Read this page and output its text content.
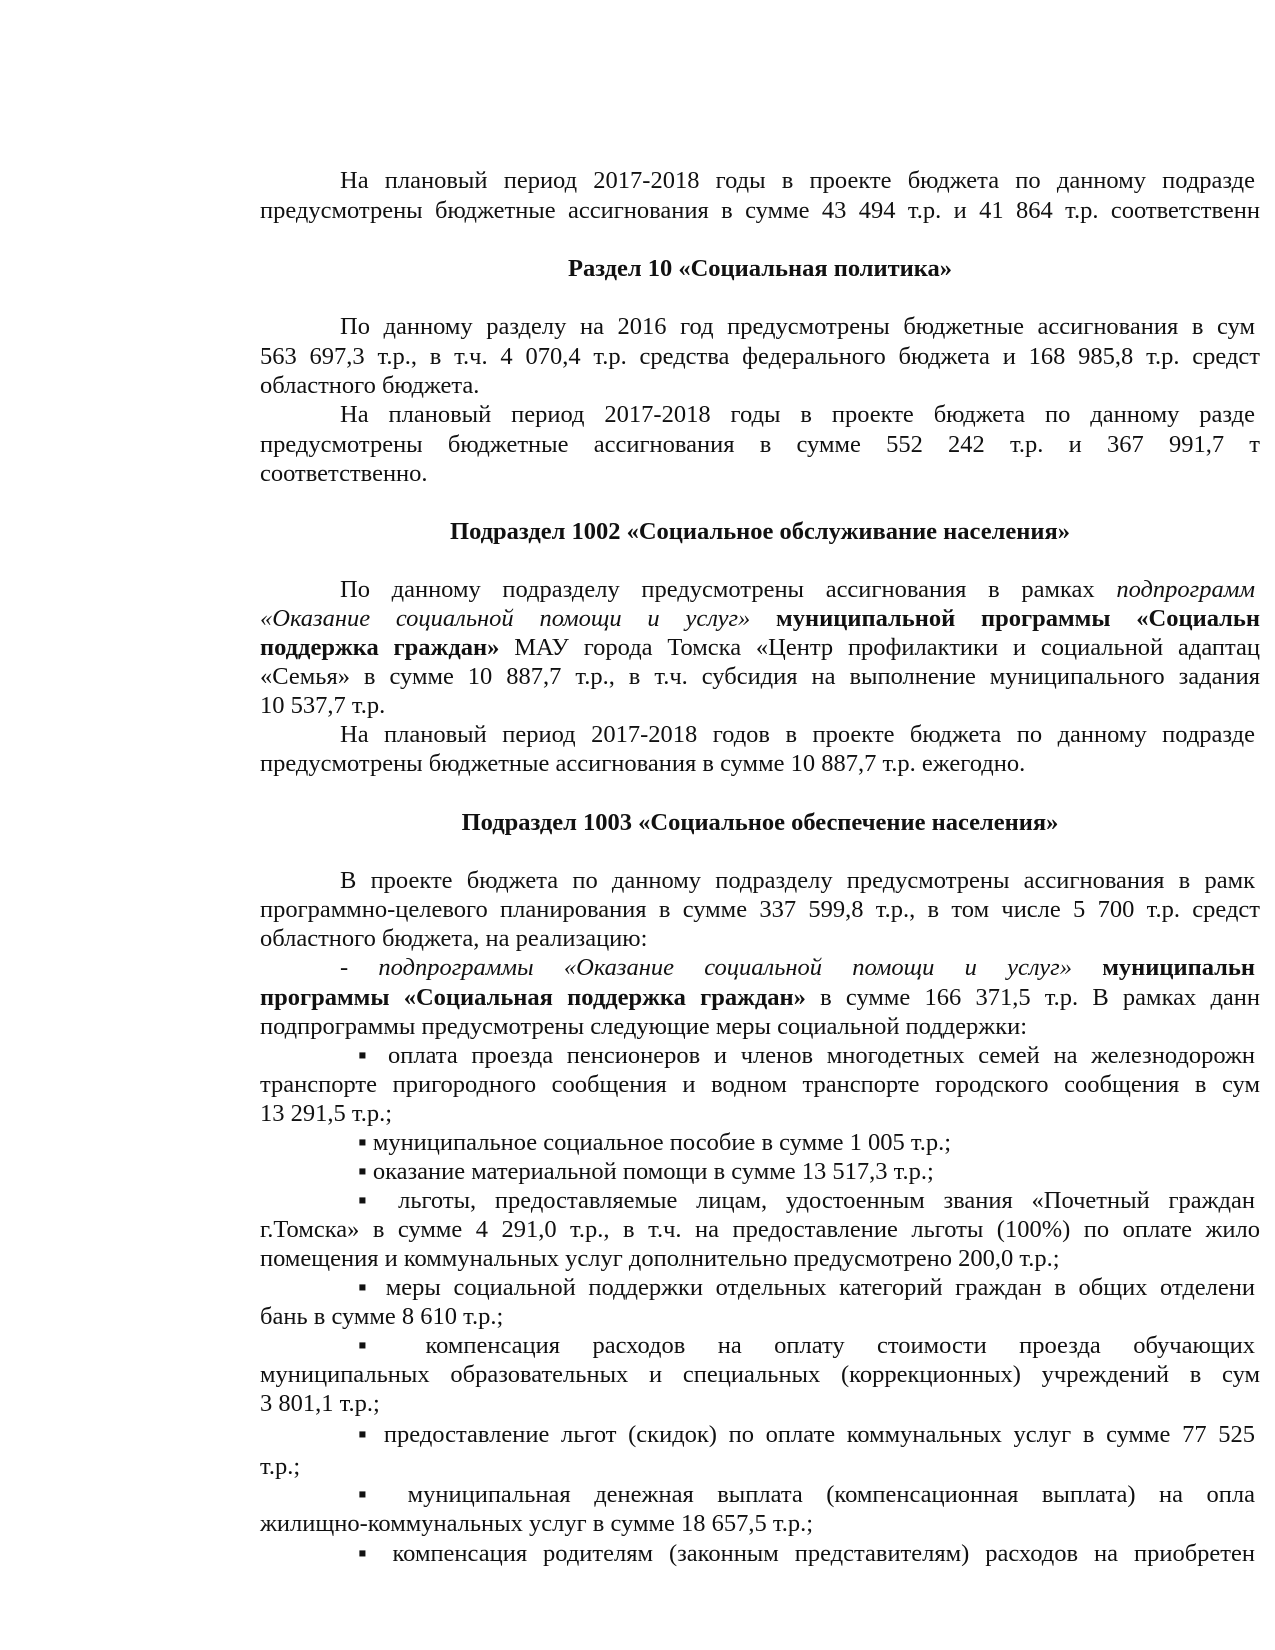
На плановый период 2017-2018 годы в проекте бюджета по данному подразде

предусмотрены бюджетные ассигнования в сумме 43 494 т.р. и 41 864 т.р. соответственн

Раздел 10 «Социальная политика»

По данному разделу на 2016 год предусмотрены бюджетные ассигнования в сум

563 697,3 т.р., в т.ч. 4 070,4 т.р. средства федерального бюджета и 168 985,8 т.р. средст

областного бюджета.

На плановый период 2017-2018 годы в проекте бюджета по данному разде

предусмотрены бюджетные ассигнования в сумме 552 242 т.р. и 367 991,7 т

соответственно.

Подраздел 1002 «Социальное обслуживание населения»

По данному подразделу предусмотрены ассигнования в рамках подпрограмм

«Оказание социальной помощи и услуг» муниципальной программы «Социальн

поддержка граждан» МАУ города Томска «Центр профилактики и социальной адаптац

«Семья» в сумме 10 887,7 т.р., в т.ч. субсидия на выполнение муниципального задания

10 537,7 т.р.

На плановый период 2017-2018 годов в проекте бюджета по данному подразде

предусмотрены бюджетные ассигнования в сумме 10 887,7 т.р. ежегодно.

Подраздел 1003 «Социальное обеспечение населения»

В проекте бюджета по данному подразделу предусмотрены ассигнования в рамк

программно-целевого планирования в сумме 337 599,8 т.р., в том числе 5 700 т.р. средст

областного бюджета, на реализацию:

- подпрограммы «Оказание социальной помощи и услуг» муниципальн

программы «Социальная поддержка граждан» в сумме 166 371,5 т.р. В рамках данн

подпрограммы предусмотрены следующие меры социальной поддержки:

▪ оплата проезда пенсионеров и членов многодетных семей на железнодорожн

транспорте пригородного сообщения и водном транспорте городского сообщения в сум

13 291,5 т.р.;

▪ муниципальное социальное пособие в сумме 1 005 т.р.;

▪ оказание материальной помощи в сумме 13 517,3 т.р.;

▪ льготы, предоставляемые лицам, удостоенным звания «Почетный граждан

г.Томска» в сумме 4 291,0 т.р., в т.ч. на предоставление льготы (100%) по оплате жило

помещения и коммунальных услуг дополнительно предусмотрено 200,0 т.р.;

▪ меры социальной поддержки отдельных категорий граждан в общих отделени

бань в сумме 8 610 т.р.;

▪ компенсация расходов на оплату стоимости проезда обучающих

муниципальных образовательных и специальных (коррекционных) учреждений в сум

3 801,1 т.р.;

▪ предоставление льгот (скидок) по оплате коммунальных услуг в сумме 77 525

т.р.;

▪ муниципальная денежная выплата (компенсационная выплата) на опла

жилищно-коммунальных услуг в сумме 18 657,5 т.р.;

▪ компенсация родителям (законным представителям) расходов на приобретен
